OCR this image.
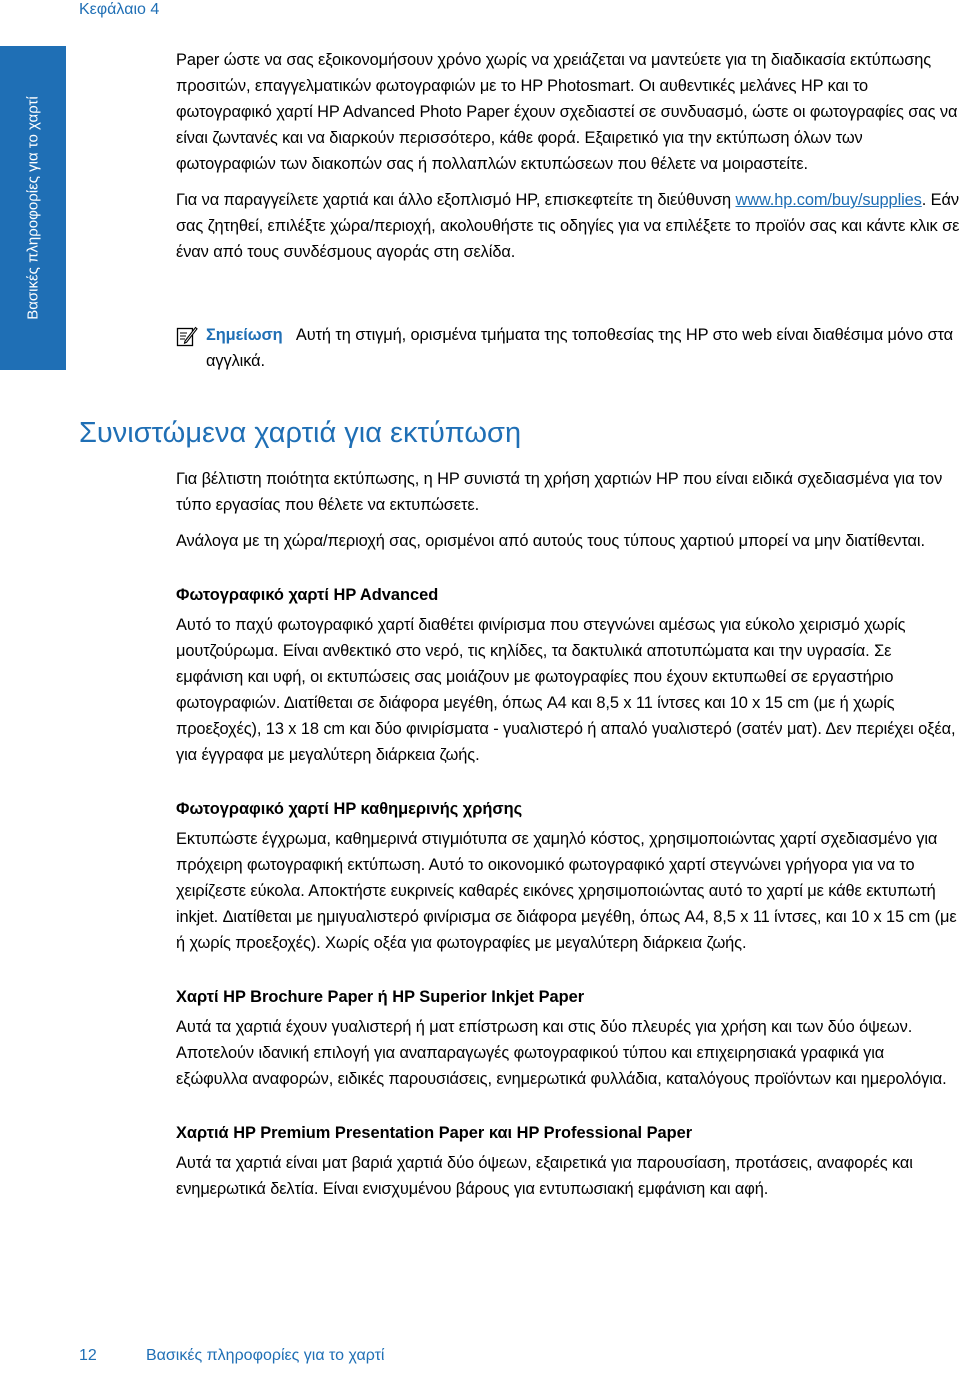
Κεφάλαιο 4
Βασικές πληροφορίες για το χαρτί

Paper ώστε να σας εξοικονομήσουν χρόνο χωρίς να χρειάζεται να μαντεύετε για τη διαδικασία εκτύπωσης προσιτών, επαγγελματικών φωτογραφιών με το HP Photosmart. Οι αυθεντικές μελάνες HP και το φωτογραφικό χαρτί HP Advanced Photo Paper έχουν σχεδιαστεί σε συνδυασμό, ώστε οι φωτογραφίες σας να είναι ζωντανές και να διαρκούν περισσότερο, κάθε φορά. Εξαιρετικό για την εκτύπωση όλων των φωτογραφιών των διακοπών σας ή πολλαπλών εκτυπώσεων που θέλετε να μοιραστείτε.

Για να παραγγείλετε χαρτιά και άλλο εξοπλισμό HP, επισκεφτείτε τη διεύθυνση www.hp.com/buy/supplies. Εάν σας ζητηθεί, επιλέξτε χώρα/περιοχή, ακολουθήστε τις οδηγίες για να επιλέξετε το προϊόν σας και κάντε κλικ σε έναν από τους συνδέσμους αγοράς στη σελίδα.

Σημείωση Αυτή τη στιγμή, ορισμένα τμήματα της τοποθεσίας της HP στο web είναι διαθέσιμα μόνο στα αγγλικά.

Συνιστώμενα χαρτιά για εκτύπωση

Για βέλτιστη ποιότητα εκτύπωσης, η HP συνιστά τη χρήση χαρτιών HP που είναι ειδικά σχεδιασμένα για τον τύπο εργασίας που θέλετε να εκτυπώσετε.

Ανάλογα με τη χώρα/περιοχή σας, ορισμένοι από αυτούς τους τύπους χαρτιού μπορεί να μην διατίθενται.

Φωτογραφικό χαρτί HP Advanced

Αυτό το παχύ φωτογραφικό χαρτί διαθέτει φινίρισμα που στεγνώνει αμέσως για εύκολο χειρισμό χωρίς μουτζούρωμα. Είναι ανθεκτικό στο νερό, τις κηλίδες, τα δακτυλικά αποτυπώματα και την υγρασία. Σε εμφάνιση και υφή, οι εκτυπώσεις σας μοιάζουν με φωτογραφίες που έχουν εκτυπωθεί σε εργαστήριο φωτογραφιών. Διατίθεται σε διάφορα μεγέθη, όπως A4 και 8,5 x 11 ίντσες και 10 x 15 cm (με ή χωρίς προεξοχές), 13 x 18 cm και δύο φινιρίσματα - γυαλιστερό ή απαλό γυαλιστερό (σατέν ματ). Δεν περιέχει οξέα, για έγγραφα με μεγαλύτερη διάρκεια ζωής.

Φωτογραφικό χαρτί HP καθημερινής χρήσης

Εκτυπώστε έγχρωμα, καθημερινά στιγμιότυπα σε χαμηλό κόστος, χρησιμοποιώντας χαρτί σχεδιασμένο για πρόχειρη φωτογραφική εκτύπωση. Αυτό το οικονομικό φωτογραφικό χαρτί στεγνώνει γρήγορα για να το χειρίζεστε εύκολα. Αποκτήστε ευκρινείς καθαρές εικόνες χρησιμοποιώντας αυτό το χαρτί με κάθε εκτυπωτή inkjet. Διατίθεται με ημιγυαλιστερό φινίρισμα σε διάφορα μεγέθη, όπως A4, 8,5 x 11 ίντσες, και 10 x 15 cm (με ή χωρίς προεξοχές). Χωρίς οξέα για φωτογραφίες με μεγαλύτερη διάρκεια ζωής.

Χαρτί HP Brochure Paper ή HP Superior Inkjet Paper

Αυτά τα χαρτιά έχουν γυαλιστερή ή ματ επίστρωση και στις δύο πλευρές για χρήση και των δύο όψεων. Αποτελούν ιδανική επιλογή για αναπαραγωγές φωτογραφικού τύπου και επιχειρησιακά γραφικά για εξώφυλλα αναφορών, ειδικές παρουσιάσεις, ενημερωτικά φυλλάδια, καταλόγους προϊόντων και ημερολόγια.

Χαρτιά HP Premium Presentation Paper και HP Professional Paper

Αυτά τα χαρτιά είναι ματ βαριά χαρτιά δύο όψεων, εξαιρετικά για παρουσίαση, προτάσεις, αναφορές και ενημερωτικά δελτία. Είναι ενισχυμένου βάρους για εντυπωσιακή εμφάνιση και αφή.

12	Βασικές πληροφορίες για το χαρτί
